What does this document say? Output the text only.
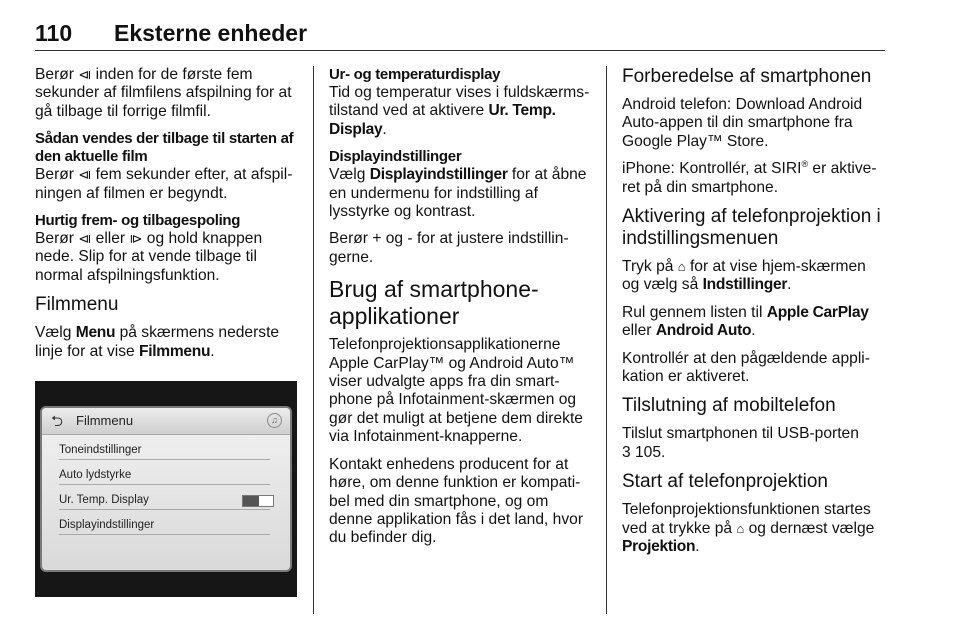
110 Eksterne enheder

Berør ⧏ inden for de første fem sekunder af filmfilens afspilning for at gå tilbage til forrige filmfil.

Sådan vendes der tilbage til starten af den aktuelle film

Berør ⧏ fem sekunder efter, at afspilningen af filmen er begyndt.

Hurtig frem- og tilbagespoling

Berør ⧏ eller ⧐ og hold knappen nede. Slip for at vende tilbage til normal afspilningsfunktion.

Filmmenu

Vælg Menu på skærmens nederste linje for at vise Filmmenu.

⮌ Filmmenu	♫
Toneindstillinger
Auto lydstyrke
Ur. Temp. Display
Displayindstillinger
Ur- og temperaturdisplay

Tid og temperatur vises i fuldskærmstilstand ved at aktivere Ur. Temp. Display.

Displayindstillinger

Vælg Displayindstillinger for at åbne en undermenu for indstilling af lysstyrke og kontrast.

Berør + og - for at justere indstillingerne.

Brug af smartphone-applikationer

Telefonprojektionsapplikationerne Apple CarPlay™ og Android Auto™ viser udvalgte apps fra din smartphone på Infotainment-skærmen og gør det muligt at betjene dem direkte via Infotainment-knapperne.

Kontakt enhedens producent for at høre, om denne funktion er kompatibel med din smartphone, og om denne applikation fås i det land, hvor du befinder dig.

Forberedelse af smartphonen

Android telefon: Download Android Auto-appen til din smartphone fra Google Play™ Store.

iPhone: Kontrollér, at SIRI® er aktiveret på din smartphone.

Aktivering af telefonprojektion i indstillingsmenuen

Tryk på ⌂ for at vise hjem-skærmen og vælg så Indstillinger.

Rul gennem listen til Apple CarPlay eller Android Auto.

Kontrollér at den pågældende applikation er aktiveret.

Tilslutning af mobiltelefon

Tilslut smartphonen til USB-porten
3 105.

Start af telefonprojektion

Telefonprojektionsfunktionen startes ved at trykke på ⌂ og dernæst vælge Projektion.
